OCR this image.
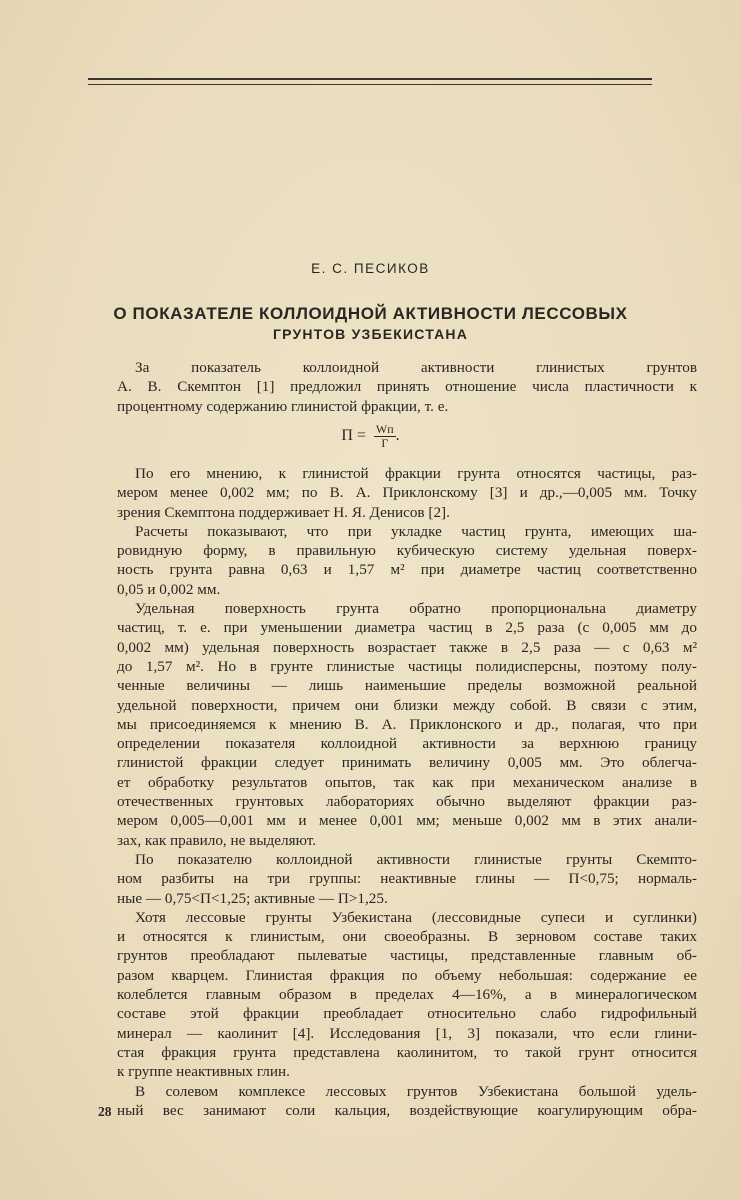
Е. С. ПЕСИКОВ
О ПОКАЗАТЕЛЕ КОЛЛОИДНОЙ АКТИВНОСТИ ЛЕССОВЫХ
ГРУНТОВ УЗБЕКИСТАНА
За показатель коллоидной активности глинистых грунтов
А. В. Скемптон [1] предложил принять отношение числа пластичности к
процентному содержанию глинистой фракции, т. е.
$П = \frac{Wп}{Г}$ .
По его мнению, к глинистой фракции грунта относятся частицы, раз-
мером менее 0,002 мм; по В. А. Приклонскому [3] и др.,—0,005 мм. Точку
зрения Скемптона поддерживает Н. Я. Денисов [2].
Расчеты показывают, что при укладке частиц грунта, имеющих ша-
ровидную форму, в правильную кубическую систему удельная поверх-
ность грунта равна 0,63 и 1,57 м² при диаметре частиц соответственно
0,05 и 0,002 мм.
Удельная поверхность грунта обратно пропорциональна диаметру
частиц, т. е. при уменьшении диаметра частиц в 2,5 раза (с 0,005 мм до
0,002 мм) удельная поверхность возрастает также в 2,5 раза — с 0,63 м²
до 1,57 м². Но в грунте глинистые частицы полидисперсны, поэтому полу-
ченные величины — лишь наименьшие пределы возможной реальной
удельной поверхности, причем они близки между собой. В связи с этим,
мы присоединяемся к мнению В. А. Приклонского и др., полагая, что при
определении показателя коллоидной активности за верхнюю границу
глинистой фракции следует принимать величину 0,005 мм. Это облегча-
ет обработку результатов опытов, так как при механическом анализе в
отечественных грунтовых лабораториях обычно выделяют фракции раз-
мером 0,005—0,001 мм и менее 0,001 мм; меньше 0,002 мм в этих анали-
зах, как правило, не выделяют.
По показателю коллоидной активности глинистые грунты Скемпто-
ном разбиты на три группы: неактивные глины — П<0,75; нормаль-
ные — 0,75<П<1,25; активные — П>1,25.
Хотя лессовые грунты Узбекистана (лессовидные супеси и суглинки)
и относятся к глинистым, они своеобразны. В зерновом составе таких
грунтов преобладают пылеватые частицы, представленные главным об-
разом кварцем. Глинистая фракция по объему небольшая: содержание ее
колеблется главным образом в пределах 4—16%, а в минералогическом
составе этой фракции преобладает относительно слабо гидрофильный
минерал — каолинит [4]. Исследования [1, 3] показали, что если глини-
стая фракция грунта представлена каолинитом, то такой грунт относится
к группе неактивных глин.
В солевом комплексе лессовых грунтов Узбекистана большой удель-
ный вес занимают соли кальция, воздействующие коагулирующим обра-
28
